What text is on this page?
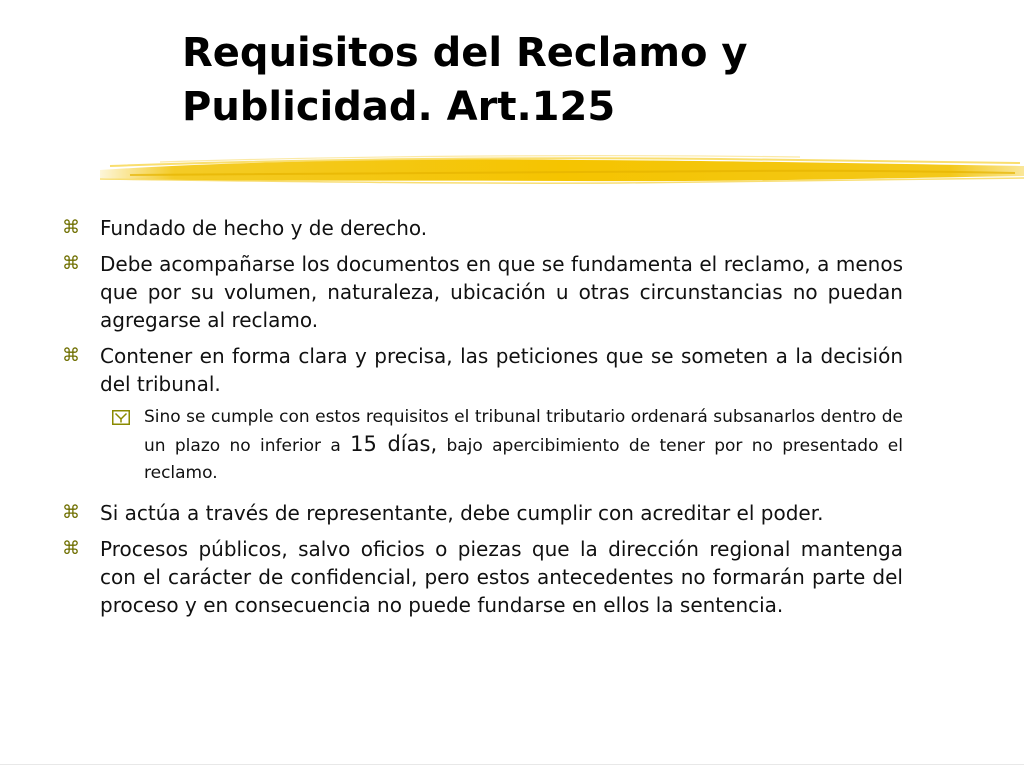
Requisitos del Reclamo y
Publicidad. Art.125
⌘	Fundado de hecho y de derecho.
⌘	Debe acompañarse los documentos en que se fundamenta el reclamo, a menos que por su volumen, naturaleza, ubicación u otras circunstancias no puedan agregarse al reclamo.
⌘	Contener en forma clara y precisa, las peticiones que se someten a la decisión del tribunal.
Sino se cumple con estos requisitos el tribunal tributario ordenará subsanarlos dentro de un plazo no inferior a 15 días, bajo apercibimiento de tener por no presentado el reclamo.
⌘	Si actúa a través de representante, debe cumplir con acreditar el poder.
⌘	Procesos públicos, salvo oficios o piezas que la dirección regional mantenga con el carácter de confidencial, pero estos antecedentes no formarán parte del proceso y en consecuencia no puede fundarse en ellos la sentencia.
